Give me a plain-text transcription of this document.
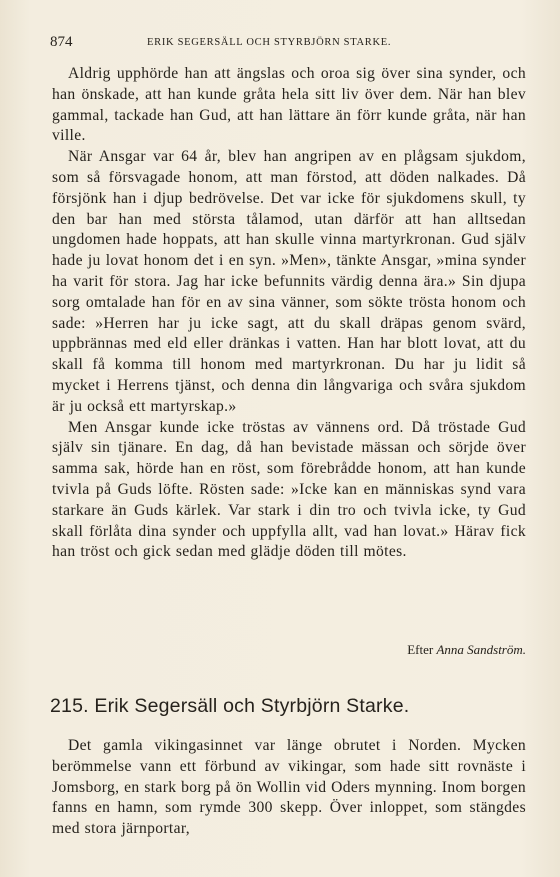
874	ERIK SEGERSÄLL OCH STYRBJÖRN STARKE.

Aldrig upphörde han att ängslas och oroa sig över sina synder, och han önskade, att han kunde gråta hela sitt liv över dem. När han blev gammal, tackade han Gud, att han lättare än förr kunde gråta, när han ville.

När Ansgar var 64 år, blev han angripen av en plågsam sjukdom, som så försvagade honom, att man förstod, att döden nalkades. Då försjönk han i djup bedrövelse. Det var icke för sjukdomens skull, ty den bar han med största tålamod, utan därför att han alltsedan ungdomen hade hoppats, att han skulle vinna martyrkronan. Gud själv hade ju lovat honom det i en syn. »Men», tänkte Ansgar, »mina synder ha varit för stora. Jag har icke befunnits värdig denna ära.» Sin djupa sorg omtalade han för en av sina vänner, som sökte trösta honom och sade: »Herren har ju icke sagt, att du skall dräpas genom svärd, uppbrännas med eld eller dränkas i vatten. Han har blott lovat, att du skall få komma till honom med martyrkronan. Du har ju lidit så mycket i Herrens tjänst, och denna din långvariga och svåra sjukdom är ju också ett martyrskap.»

Men Ansgar kunde icke tröstas av vännens ord. Då tröstade Gud själv sin tjänare. En dag, då han bevistade mässan och sörjde över samma sak, hörde han en röst, som förebrådde honom, att han kunde tvivla på Guds löfte. Rösten sade: »Icke kan en människas synd vara starkare än Guds kärlek. Var stark i din tro och tvivla icke, ty Gud skall förlåta dina synder och uppfylla allt, vad han lovat.» Härav fick han tröst och gick sedan med glädje döden till mötes.

Efter Anna Sandström.
215. Erik Segersäll och Styrbjörn Starke.

Det gamla vikingasinnet var länge obrutet i Norden. Mycken berömmelse vann ett förbund av vikingar, som hade sitt rovnäste i Jomsborg, en stark borg på ön Wollin vid Oders mynning. Inom borgen fanns en hamn, som rymde 300 skepp. Över inloppet, som stängdes med stora järnportar,
